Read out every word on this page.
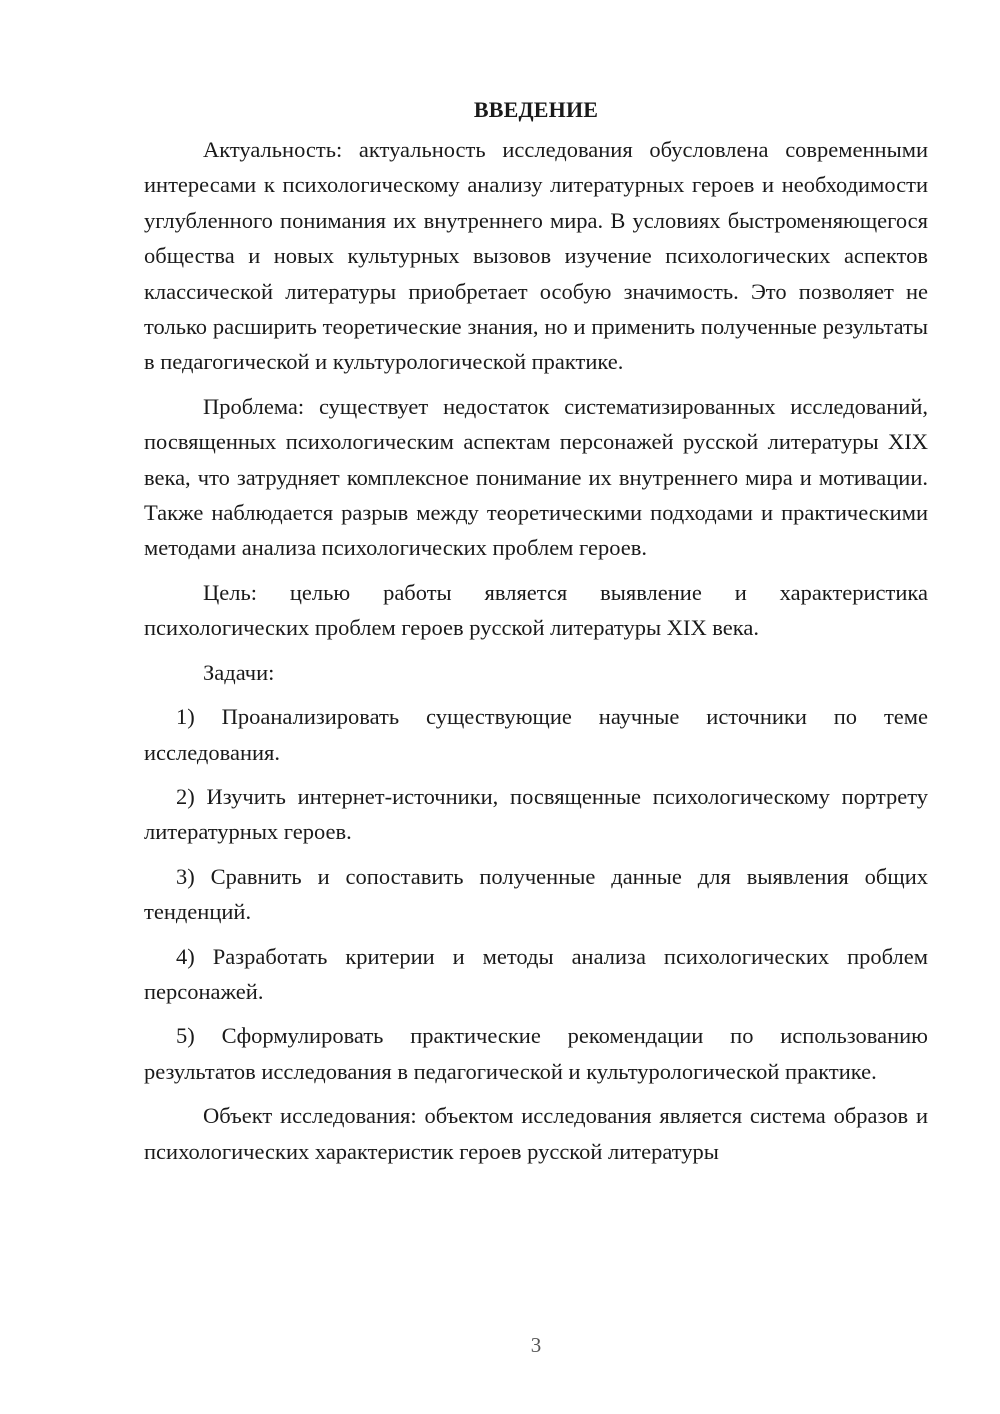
ВВЕДЕНИЕ

Актуальность: актуальность исследования обусловлена современными интересами к психологическому анализу литературных героев и необходимости углубленного понимания их внутреннего мира. В условиях быстроменяющегося общества и новых культурных вызовов изучение психологических аспектов классической литературы приобретает особую значимость. Это позволяет не только расширить теоретические знания, но и применить полученные результаты в педагогической и культурологической практике.

Проблема: существует недостаток систематизированных исследований, посвященных психологическим аспектам персонажей русской литературы XIX века, что затрудняет комплексное понимание их внутреннего мира и мотивации. Также наблюдается разрыв между теоретическими подходами и практическими методами анализа психологических проблем героев.

Цель: целью работы является выявление и характеристика психологических проблем героев русской литературы XIX века.

Задачи:

1) Проанализировать существующие научные источники по теме исследования.

2) Изучить интернет-источники, посвященные психологическому портрету литературных героев.

3) Сравнить и сопоставить полученные данные для выявления общих тенденций.

4) Разработать критерии и методы анализа психологических проблем персонажей.

5) Сформулировать практические рекомендации по использованию результатов исследования в педагогической и культурологической практике.

Объект исследования: объектом исследования является система образов и психологических характеристик героев русской литературы

3
